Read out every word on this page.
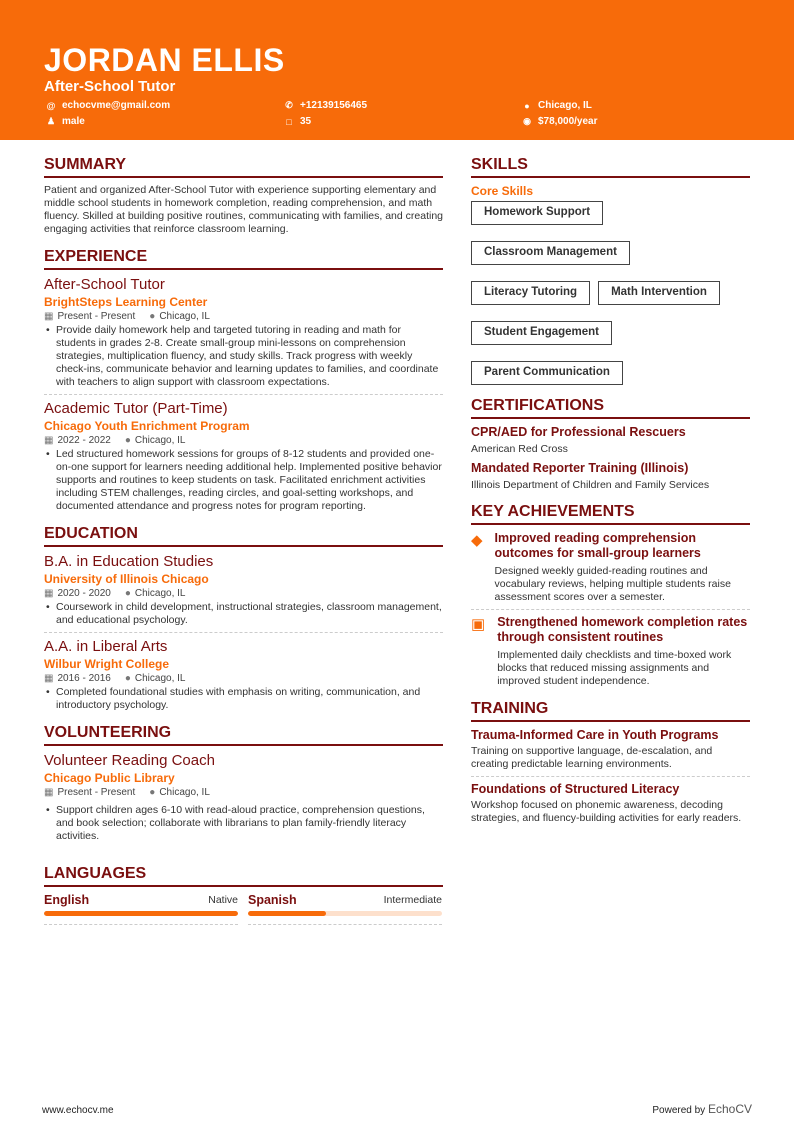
JORDAN ELLIS
After-School Tutor
@ echocvme@gmail.com
♟ male
✆ +12139156465
□ 35
● Chicago, IL
◉ $78,000/year
SUMMARY
Patient and organized After-School Tutor with experience supporting elementary and middle school students in homework completion, reading comprehension, and math fluency. Skilled at building positive routines, communicating with families, and creating engaging activities that reinforce classroom learning.
EXPERIENCE
After-School Tutor
BrightSteps Learning Center
▦ Present - Present ● Chicago, IL
• Provide daily homework help and targeted tutoring in reading and math for students in grades 2-8. Create small-group mini-lessons on comprehension strategies, multiplication fluency, and study skills. Track progress with weekly check-ins, communicate behavior and learning updates to families, and coordinate with teachers to align support with classroom expectations.
Academic Tutor (Part-Time)
Chicago Youth Enrichment Program
▦ 2022 - 2022 ● Chicago, IL
• Led structured homework sessions for groups of 8-12 students and provided one-on-one support for learners needing additional help. Implemented positive behavior supports and routines to keep students on task. Facilitated enrichment activities including STEM challenges, reading circles, and goal-setting workshops, and documented attendance and progress notes for program reporting.
EDUCATION
B.A. in Education Studies
University of Illinois Chicago
▦ 2020 - 2020 ● Chicago, IL
• Coursework in child development, instructional strategies, classroom management, and educational psychology.
A.A. in Liberal Arts
Wilbur Wright College
▦ 2016 - 2016 ● Chicago, IL
• Completed foundational studies with emphasis on writing, communication, and introductory psychology.
VOLUNTEERING
Volunteer Reading Coach
Chicago Public Library
▦ Present - Present ● Chicago, IL
• Support children ages 6-10 with read-aloud practice, comprehension questions, and book selection; collaborate with librarians to plan family-friendly literacy activities.
LANGUAGES
English	Native Spanish	Intermediate
SKILLS
Core Skills
Homework Support
Classroom Management
Literacy Tutoring	Math Intervention
Student Engagement
Parent Communication
CERTIFICATIONS
CPR/AED for Professional Rescuers
American Red Cross
Mandated Reporter Training (Illinois)
Illinois Department of Children and Family Services
KEY ACHIEVEMENTS
◆ Improved reading comprehension outcomes for small-group learners
Designed weekly guided-reading routines and vocabulary reviews, helping multiple students raise assessment scores over a semester.
▣ Strengthened homework completion rates through consistent routines
Implemented daily checklists and time-boxed work blocks that reduced missing assignments and improved student independence.
TRAINING
Trauma-Informed Care in Youth Programs
Training on supportive language, de-escalation, and creating predictable learning environments.
Foundations of Structured Literacy
Workshop focused on phonemic awareness, decoding strategies, and fluency-building activities for early readers.
www.echocv.me	Powered by EchoCV
